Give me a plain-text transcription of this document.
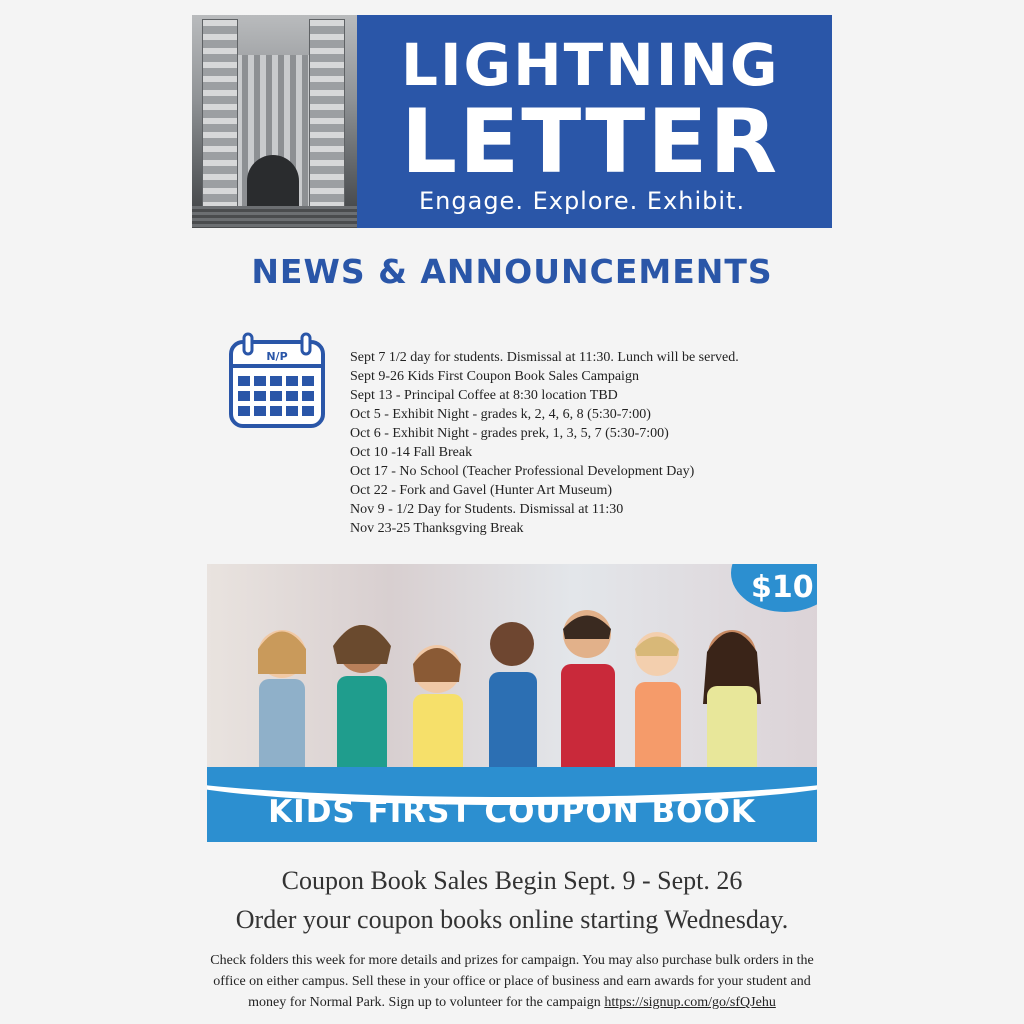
LIGHTNING
LETTER
Engage. Explore. Exhibit.
NEWS & ANNOUNCEMENTS
N/P	Sept 7 1/2 day for students. Dismissal at 11:30. Lunch will be served.
Sept 9-26 Kids First Coupon Book Sales Campaign
Sept 13 - Principal Coffee at 8:30 location TBD
Oct 5 - Exhibit Night - grades k, 2, 4, 6, 8 (5:30-7:00)
Oct 6 - Exhibit Night - grades prek, 1, 3, 5, 7 (5:30-7:00)
Oct 10 -14 Fall Break
Oct 17 - No School (Teacher Professional Development Day)
Oct 22 - Fork and Gavel (Hunter Art Museum)
Nov 9 - 1/2 Day for Students. Dismissal at 11:30
Nov 23-25 Thanksgving Break
$10
KIDS FIRST COUPON BOOK
Coupon Book Sales Begin Sept. 9 - Sept. 26
Order your coupon books online starting Wednesday.
Check folders this week for more details and prizes for campaign. You may also purchase bulk orders in the office on either campus. Sell these in your office or place of business and earn awards for your student and money for Normal Park. Sign up to volunteer for the campaign https://signup.com/go/sfQJehu
